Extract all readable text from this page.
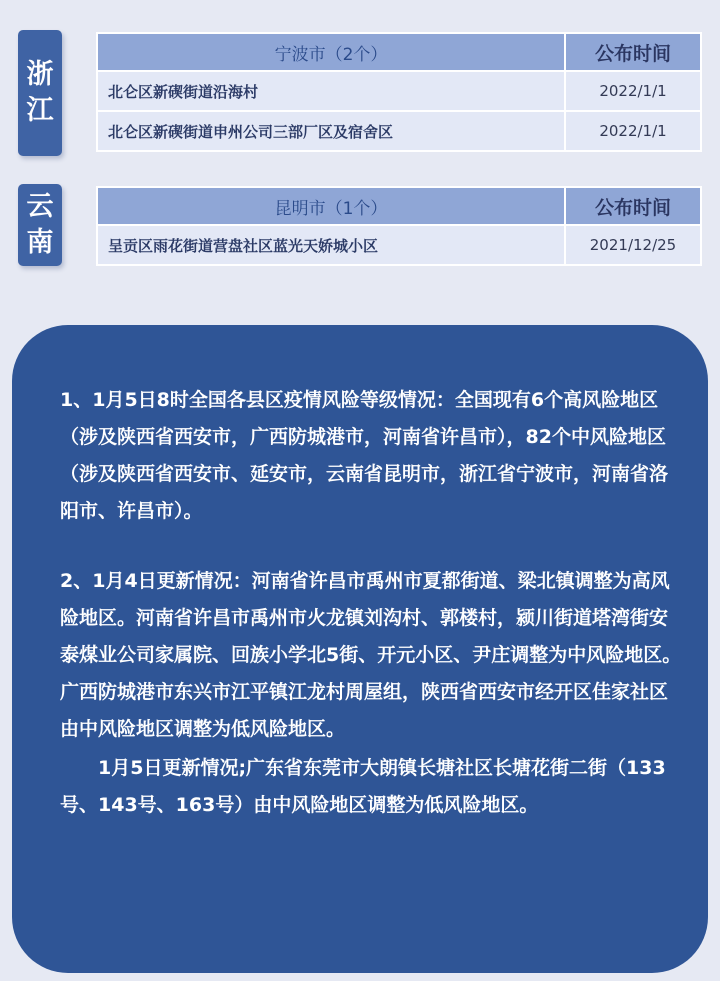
浙
江
宁波市（2个）	公布时间
北仑区新碶街道沿海村	2022/1/1
北仑区新碶街道申州公司三部厂区及宿舍区	2022/1/1
云
南
昆明市（1个）	公布时间
呈贡区雨花街道营盘社区蓝光天娇城小区	2021/12/25

1、1月5日8时全国各县区疫情风险等级情况：全国现有6个高风险地区（涉及陕西省西安市，广西防城港市，河南省许昌市），82个中风险地区（涉及陕西省西安市、延安市，云南省昆明市，浙江省宁波市，河南省洛阳市、许昌市）。

2、1月4日更新情况：河南省许昌市禹州市夏都街道、梁北镇调整为高风险地区。河南省许昌市禹州市火龙镇刘沟村、郭楼村，颍川街道塔湾街安泰煤业公司家属院、回族小学北5街、开元小区、尹庄调整为中风险地区。广西防城港市东兴市江平镇江龙村周屋组，陕西省西安市经开区佳家社区由中风险地区调整为低风险地区。

1月5日更新情况;广东省东莞市大朗镇长塘社区长塘花街二街（133号、143号、163号）由中风险地区调整为低风险地区。
